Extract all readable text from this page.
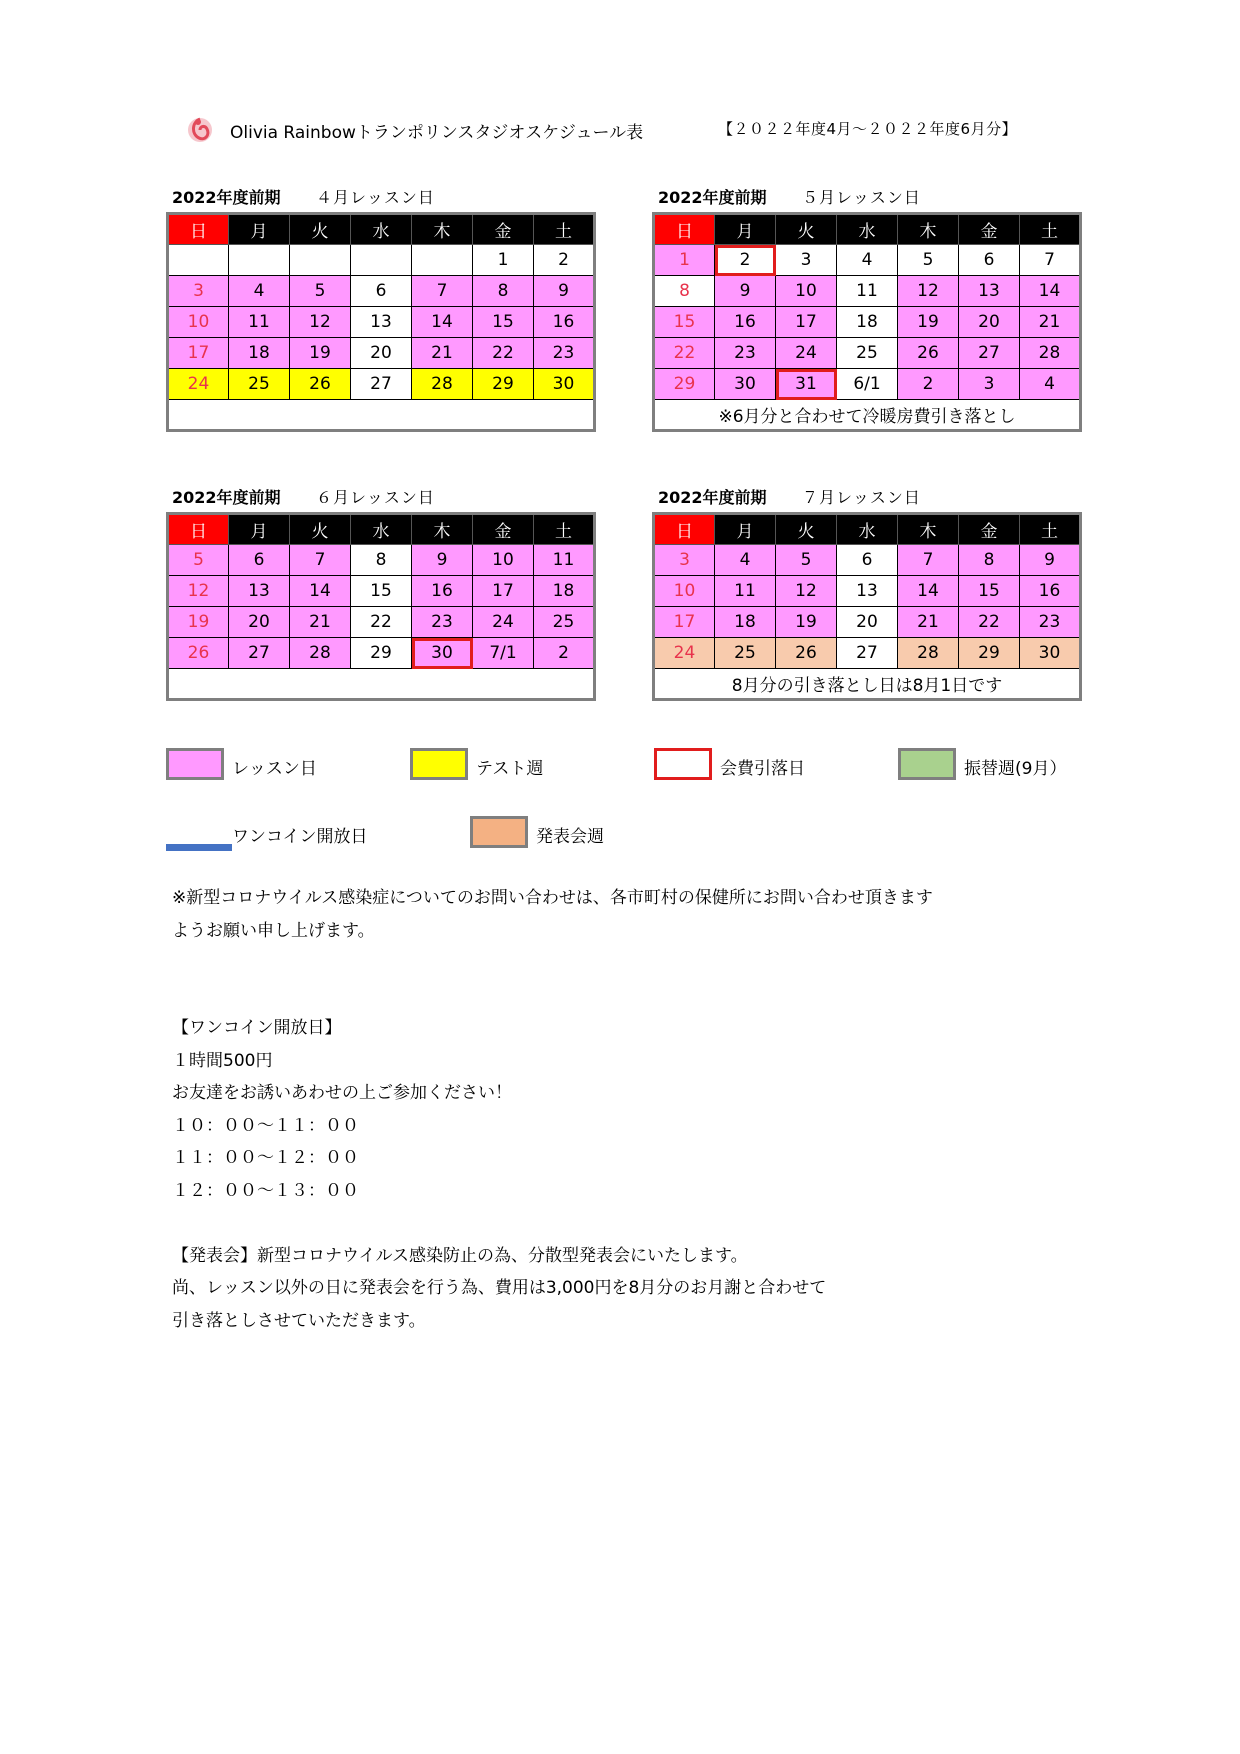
Olivia Rainbowトランポリンスタジオスケジュール表	【２０２２年度4月～２０２２年度6月分】
2022年度前期 ４月レッスン日
日	月	火	水	木	金	土
					1	2
3	4	5	6	7	8	9
10	11	12	13	14	15	16
17	18	19	20	21	22	23
24	25	26	27	28	29	30

2022年度前期 ５月レッスン日
日	月	火	水	木	金	土
1	2	3	4	5	6	7
8	9	10	11	12	13	14
15	16	17	18	19	20	21
22	23	24	25	26	27	28
29	30	31	6/1	2	3	4
※6月分と合わせて冷暖房費引き落とし						
2022年度前期 ６月レッスン日
日	月	火	水	木	金	土
5	6	7	8	9	10	11
12	13	14	15	16	17	18
19	20	21	22	23	24	25
26	27	28	29	30	7/1	2

2022年度前期 ７月レッスン日
日	月	火	水	木	金	土
3	4	5	6	7	8	9
10	11	12	13	14	15	16
17	18	19	20	21	22	23
24	25	26	27	28	29	30
8月分の引き落とし日は8月1日です						
レッスン日	テスト週	会費引落日	振替週(9月）
ワンコイン開放日	発表会週

※新型コロナウイルス感染症についてのお問い合わせは、各市町村の保健所にお問い合わせ頂きます

ようお願い申し上げます。

【ワンコイン開放日】

１時間500円

お友達をお誘いあわせの上ご参加ください！

１０：００～１１：００

１１：００～１２：００

１２：００～１３：００

【発表会】新型コロナウイルス感染防止の為、分散型発表会にいたします。

尚、レッスン以外の日に発表会を行う為、費用は3,000円を8月分のお月謝と合わせて

引き落としさせていただきます。
